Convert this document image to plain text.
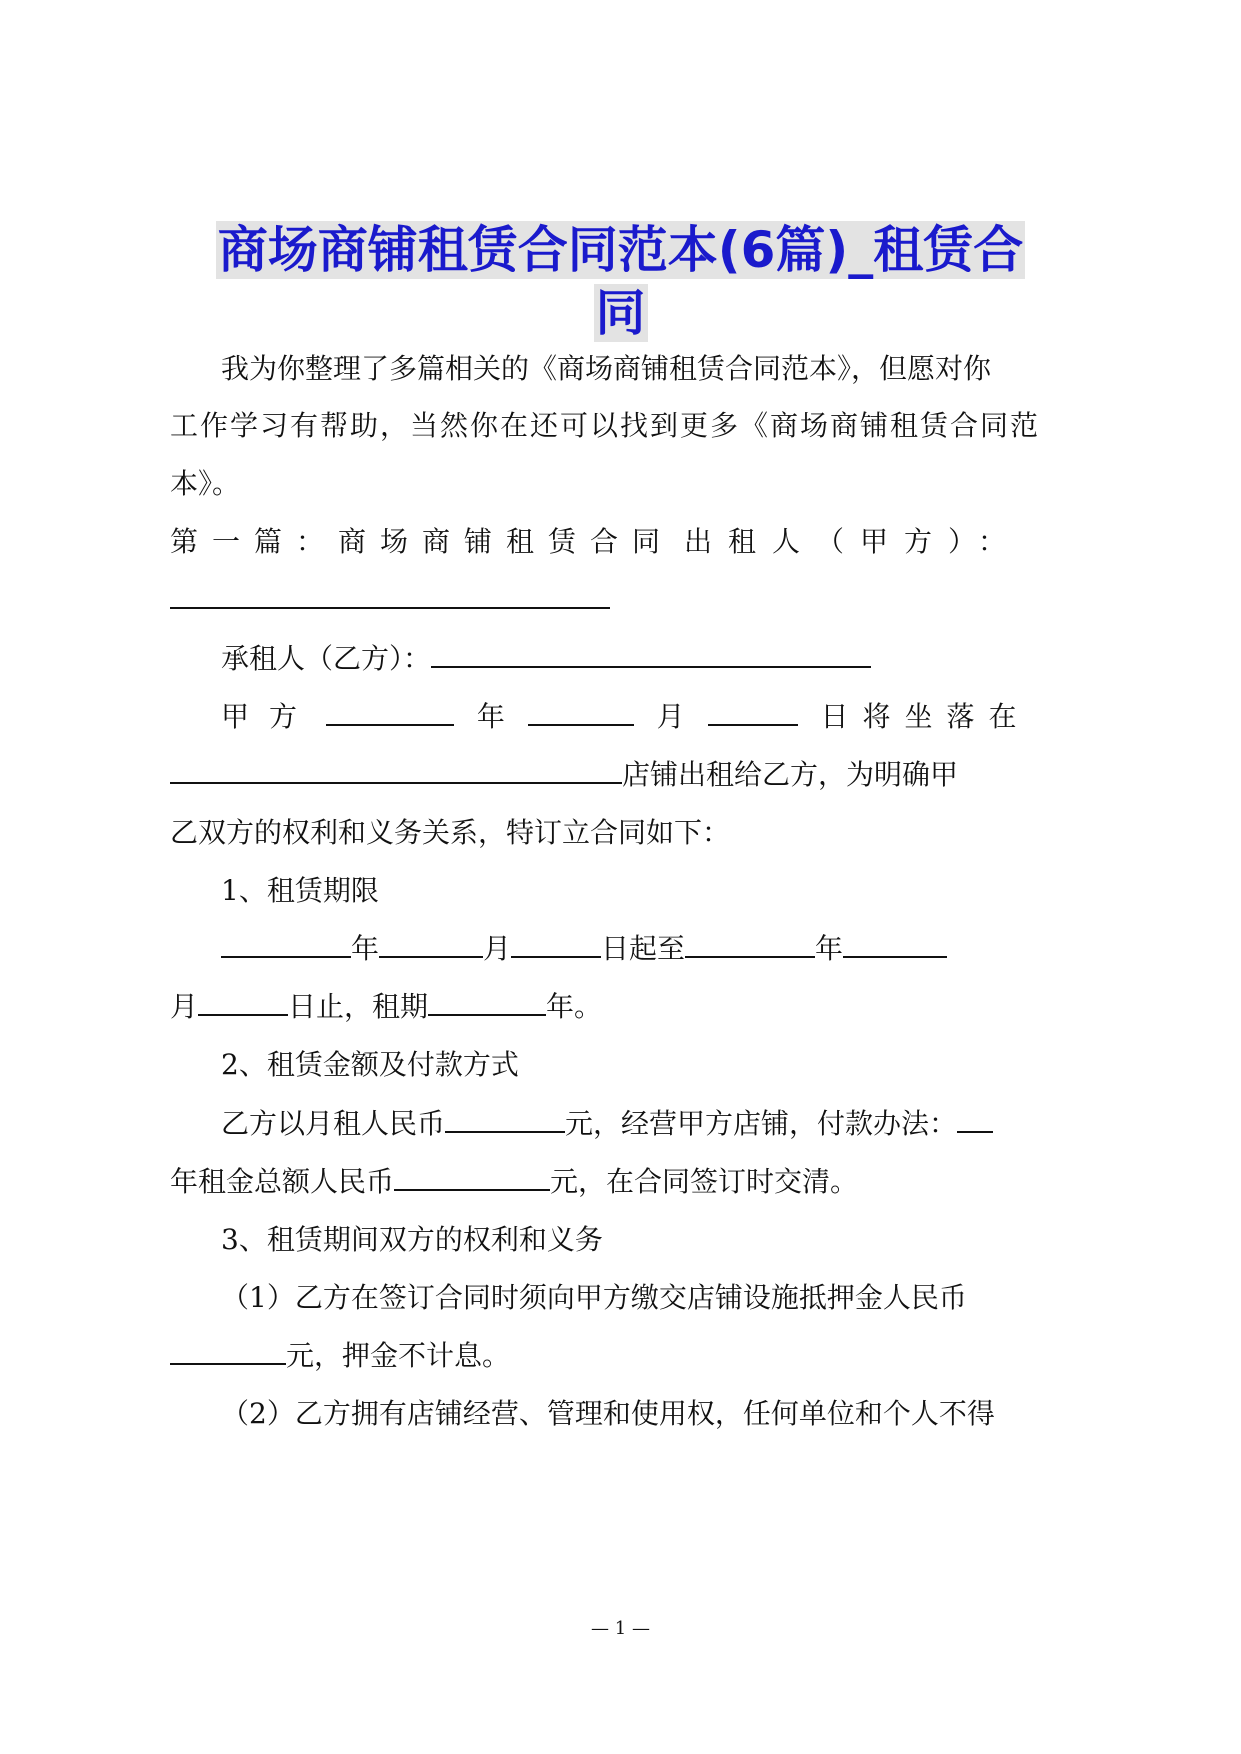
商场商铺租赁合同范本(6篇)_租赁合
同
我为你整理了多篇相关的《商场商铺租赁合同范本》，但愿对你
工作学习有帮助，当然你在还可以找到更多《商场商铺租赁合同范
本》。
第一篇：商场商铺租赁合同 出租人（甲方）：
承租人（乙方）：
甲方	年	月	日将坐落在
店铺出租给乙方，为明确甲
乙双方的权利和义务关系，特订立合同如下：
1、租赁期限
年	月	日起至	年
月	日止，租期	年。
2、租赁金额及付款方式
乙方以月租人民币	元，经营甲方店铺，付款办法：
年租金总额人民币	元，在合同签订时交清。
3、租赁期间双方的权利和义务
（1）乙方在签订合同时须向甲方缴交店铺设施抵押金人民币
元，押金不计息。
（2）乙方拥有店铺经营、管理和使用权，任何单位和个人不得
— 1 —
